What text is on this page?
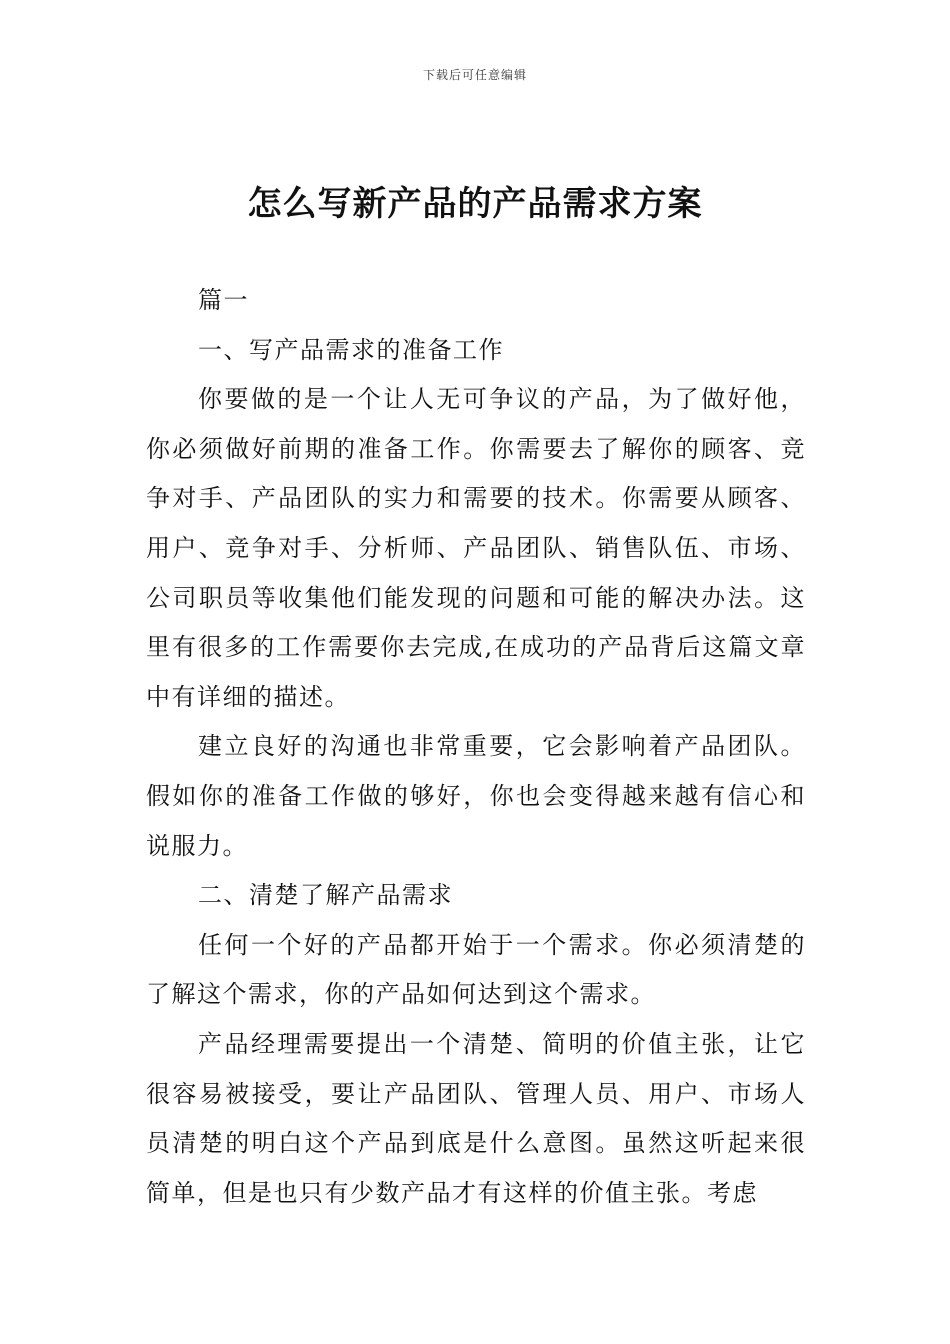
下载后可任意编辑
怎么写新产品的产品需求方案

篇一

一、写产品需求的准备工作

你要做的是一个让人无可争议的产品，为了做好他，你必须做好前期的准备工作。你需要去了解你的顾客、竞争对手、产品团队的实力和需要的技术。你需要从顾客、用户、竞争对手、分析师、产品团队、销售队伍、市场、公司职员等收集他们能发现的问题和可能的解决办法。这里有很多的工作需要你去完成,在成功的产品背后这篇文章中有详细的描述。

建立良好的沟通也非常重要，它会影响着产品团队。假如你的准备工作做的够好，你也会变得越来越有信心和说服力。

二、清楚了解产品需求

任何一个好的产品都开始于一个需求。你必须清楚的了解这个需求，你的产品如何达到这个需求。

产品经理需要提出一个清楚、简明的价值主张，让它很容易被接受，要让产品团队、管理人员、用户、市场人员清楚的明白这个产品到底是什么意图。虽然这听起来很简单，但是也只有少数产品才有这样的价值主张。考虑
